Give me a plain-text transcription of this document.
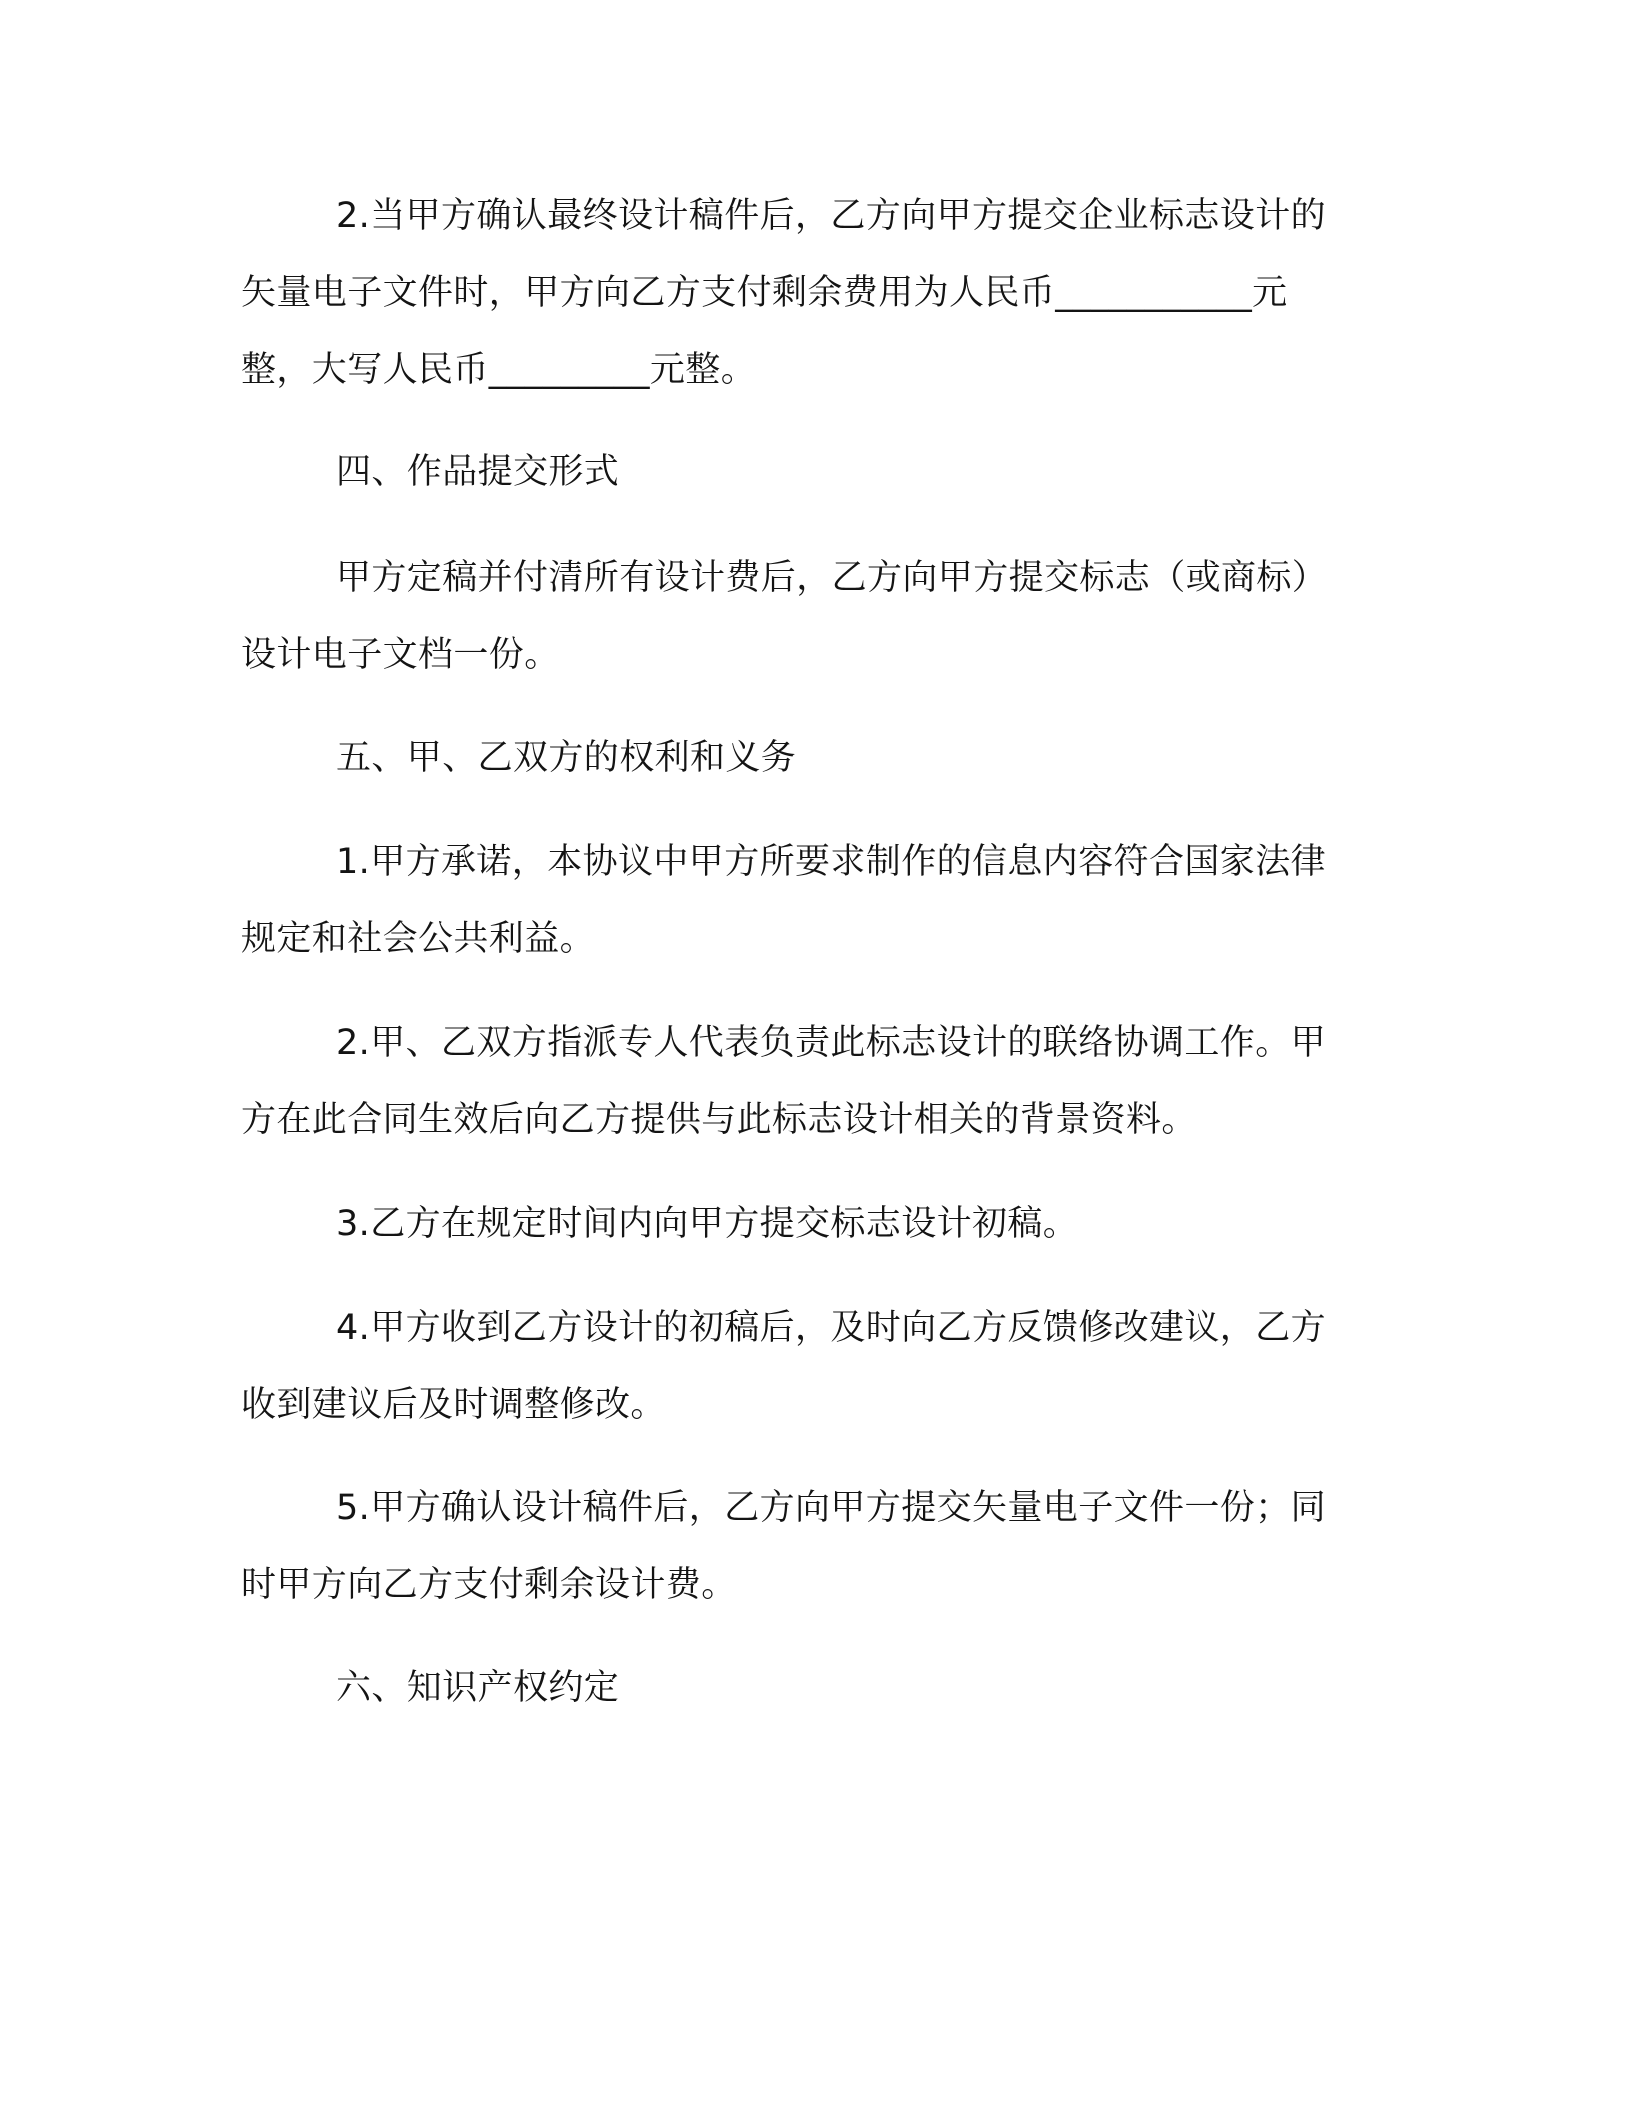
2.当甲方确认最终设计稿件后，乙方向甲方提交企业标志设计的
矢量电子文件时，甲方向乙方支付剩余费用为人民币___________元
整，大写人民币_________元整。
四、作品提交形式
甲方定稿并付清所有设计费后，乙方向甲方提交标志（或商标）
设计电子文档一份。
五、甲、乙双方的权利和义务
1.甲方承诺，本协议中甲方所要求制作的信息内容符合国家法律
规定和社会公共利益。
2.甲、乙双方指派专人代表负责此标志设计的联络协调工作。甲
方在此合同生效后向乙方提供与此标志设计相关的背景资料。
3.乙方在规定时间内向甲方提交标志设计初稿。
4.甲方收到乙方设计的初稿后，及时向乙方反馈修改建议，乙方
收到建议后及时调整修改。
5.甲方确认设计稿件后，乙方向甲方提交矢量电子文件一份；同
时甲方向乙方支付剩余设计费。
六、知识产权约定
